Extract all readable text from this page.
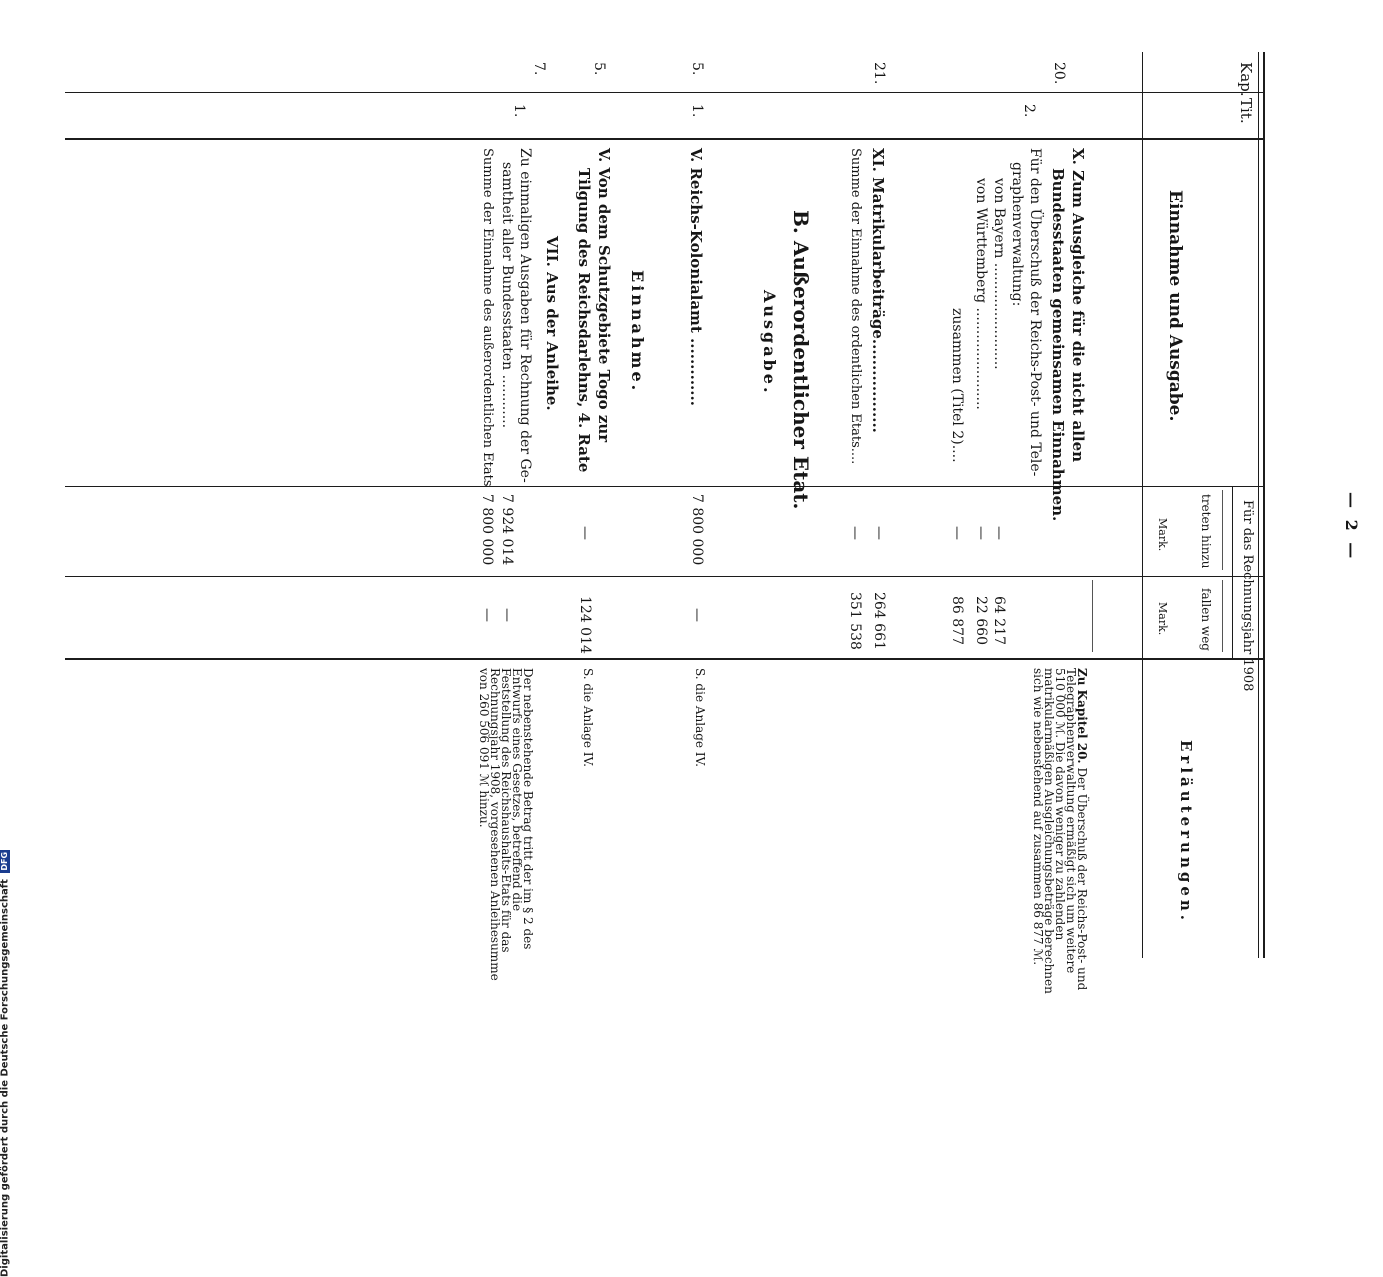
— 2 —
Kap.
Tit.
Einnahme und Ausgabe.
Für das Rechnungsjahr 1908
treten hinzu
Mark.
fallen weg
Mark.
Erläuterungen.
20.
X. Zum Ausgleiche für die nicht allen
Bundesstaaten gemeinsamen Einnahmen.
2.
Für den Überschuß der Reichs-Post- und Tele-
graphenverwaltung:
von Bayern ........................
—
64 217
von Württemberg .......................
—
22 660
zusammen (Titel 2)....
—
86 877
21.
XI. Matrikularbeiträge..................
—
264 661
Summe der Einnahme des ordentlichen Etats....
—
351 538
B. Außerordentlicher Etat.
Ausgabe.
5.
1.
V. Reichs-Kolonialamt .............
7 800 000
—
Einnahme.
5.
V. Von dem Schutzgebiete Togo zur
Tilgung des Reichsdarlehns, 4. Rate
—
124 014
7.
VII. Aus der Anleihe.
1.
Zu einmaligen Ausgaben für Rechnung der Ge-
samtheit aller Bundesstaaten ............
7 924 014
—
Summe der Einnahme des außerordentlichen Etats
7 800 000
—
Zu Kapitel 20. Der Überschuß der Reichs-Post- und Telegraphenverwaltung ermäßigt sich um weitere 510 000 ℳ. Die davon weniger zu zahlenden matrikularmäßigen Ausgleichungsbeträge berechnen sich wie nebenstehend auf zusammen 86 877 ℳ.
S. die Anlage IV.
S. die Anlage IV.
Der nebenstehende Betrag tritt der im § 2 des Entwurfs eines Gesetzes, betreffend die Feststellung des Reichshaushalts-Etats für das Rechnungsjahr 1908, vorgesehenen Anleihesumme von 260 506 091 ℳ hinzu.
Digitalisierung gefördert durch die Deutsche Forschungsgemeinschaft DFG
